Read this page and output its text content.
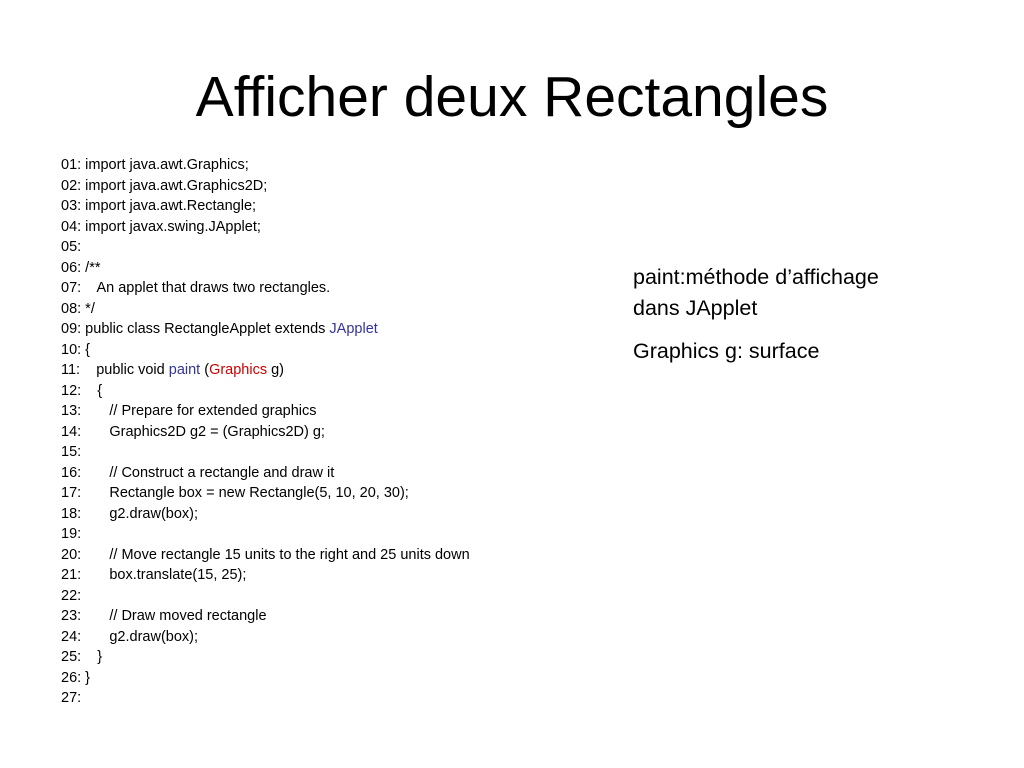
Afficher deux Rectangles
01: import java.awt.Graphics;
02: import java.awt.Graphics2D;
03: import java.awt.Rectangle;
04: import javax.swing.JApplet;
05:
06: /**
07:    An applet that draws two rectangles.
08: */
09: public class RectangleApplet extends JApplet
10: {
11:    public void paint (Graphics g)
12:    {
13:       // Prepare for extended graphics
14:       Graphics2D g2 = (Graphics2D) g;
15:
16:       // Construct a rectangle and draw it
17:       Rectangle box = new Rectangle(5, 10, 20, 30);
18:       g2.draw(box);
19:
20:       // Move rectangle 15 units to the right and 25 units down
21:       box.translate(15, 25);
22:
23:       // Draw moved rectangle
24:       g2.draw(box);
25:    }
26: }
27:

paint:méthode d’affichage dans JApplet

Graphics g: surface
